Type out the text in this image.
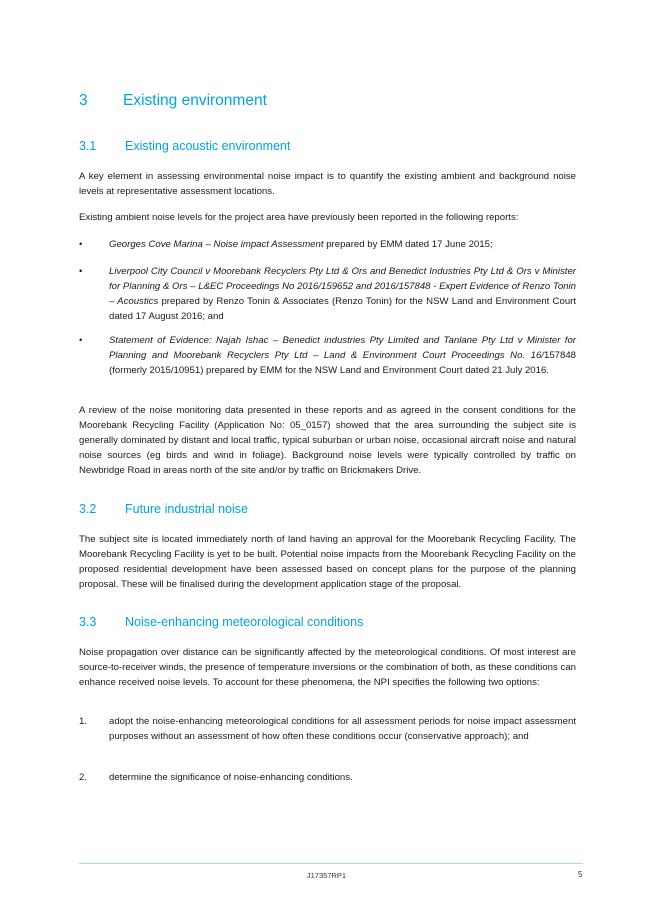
3 Existing environment
3.1 Existing acoustic environment

A key element in assessing environmental noise impact is to quantify the existing ambient and background noise levels at representative assessment locations.

Existing ambient noise levels for the project area have previously been reported in the following reports:

•	Georges Cove Marina – Noise impact Assessment prepared by EMM dated 17 June 2015;
•	Liverpool City Council v Moorebank Recyclers Pty Ltd & Ors and Benedict Industries Pty Ltd & Ors v Minister for Planning & Ors – L&EC Proceedings No 2016/159652 and 2016/157848 - Expert Evidence of Renzo Tonin – Acoustics prepared by Renzo Tonin & Associates (Renzo Tonin) for the NSW Land and Environment Court dated 17 August 2016; and
•	Statement of Evidence: Najah Ishac – Benedict industries Pty Limited and Tanlane Pty Ltd v Minister for Planning and Moorebank Recyclers Pty Ltd – Land & Environment Court Proceedings No. 16/157848 (formerly 2015/10951) prepared by EMM for the NSW Land and Environment Court dated 21 July 2016.

A review of the noise monitoring data presented in these reports and as agreed in the consent conditions for the Moorebank Recycling Facility (Application No: 05_0157) showed that the area surrounding the subject site is generally dominated by distant and local traffic, typical suburban or urban noise, occasional aircraft noise and natural noise sources (eg birds and wind in foliage). Background noise levels were typically controlled by traffic on Newbridge Road in areas north of the site and/or by traffic on Brickmakers Drive.

3.2 Future industrial noise

The subject site is located immediately north of land having an approval for the Moorebank Recycling Facility. The Moorebank Recycling Facility is yet to be built. Potential noise impacts from the Moorebank Recycling Facility on the proposed residential development have been assessed based on concept plans for the purpose of the planning proposal. These will be finalised during the development application stage of the proposal.

3.3 Noise-enhancing meteorological conditions

Noise propagation over distance can be significantly affected by the meteorological conditions. Of most interest are source-to-receiver winds, the presence of temperature inversions or the combination of both, as these conditions can enhance received noise levels. To account for these phenomena, the NPI specifies the following two options:

1. adopt the noise-enhancing meteorological conditions for all assessment periods for noise impact assessment purposes without an assessment of how often these conditions occur (conservative approach); and
2. determine the significance of noise-enhancing conditions.
J17357RP1	5
